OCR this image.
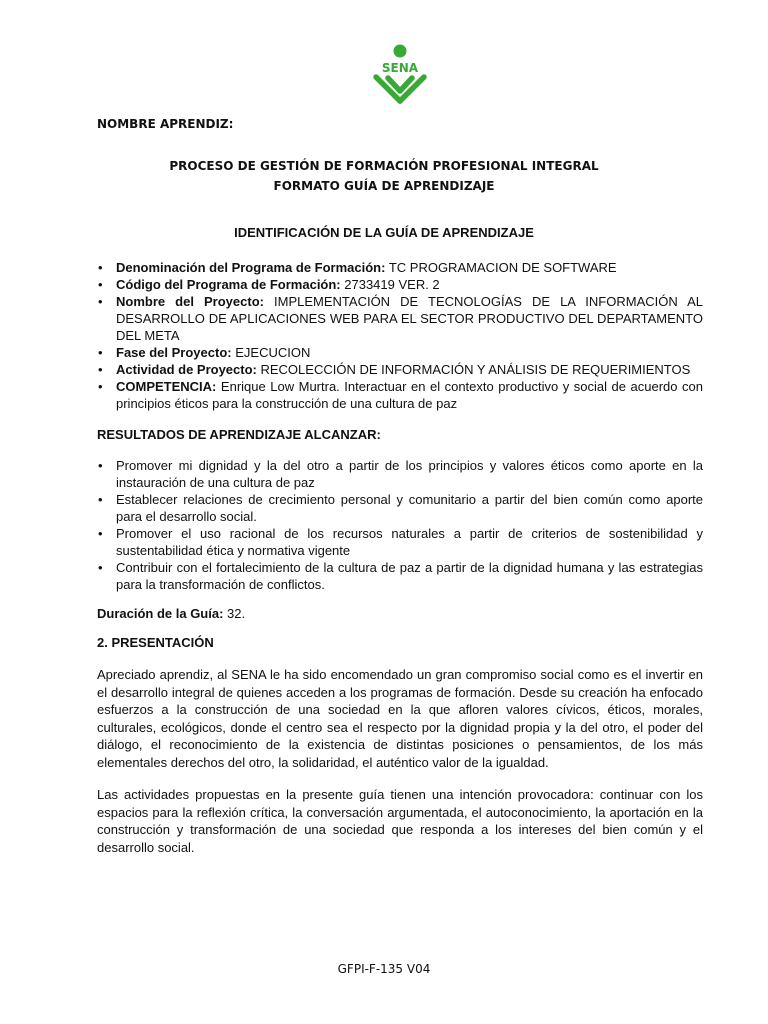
SENA
NOMBRE APRENDIZ:
PROCESO DE GESTIÓN DE FORMACIÓN PROFESIONAL INTEGRAL
FORMATO GUÍA DE APRENDIZAJE
IDENTIFICACIÓN DE LA GUÍA DE APRENDIZAJE
• Denominación del Programa de Formación: TC PROGRAMACION DE SOFTWARE
• Código del Programa de Formación: 2733419 VER. 2
• Nombre del Proyecto: IMPLEMENTACIÓN DE TECNOLOGÍAS DE LA INFORMACIÓN AL DESARROLLO DE APLICACIONES WEB PARA EL SECTOR PRODUCTIVO DEL DEPARTAMENTO DEL META
• Fase del Proyecto: EJECUCION
• Actividad de Proyecto: RECOLECCIÓN DE INFORMACIÓN Y ANÁLISIS DE REQUERIMIENTOS
• COMPETENCIA: Enrique Low Murtra. Interactuar en el contexto productivo y social de acuerdo con principios éticos para la construcción de una cultura de paz
RESULTADOS DE APRENDIZAJE ALCANZAR:
• Promover mi dignidad y la del otro a partir de los principios y valores éticos como aporte en la instauración de una cultura de paz
• Establecer relaciones de crecimiento personal y comunitario a partir del bien común como aporte para el desarrollo social.
• Promover el uso racional de los recursos naturales a partir de criterios de sostenibilidad y sustentabilidad ética y normativa vigente
• Contribuir con el fortalecimiento de la cultura de paz a partir de la dignidad humana y las estrategias para la transformación de conflictos.
Duración de la Guía: 32.
2. PRESENTACIÓN

Apreciado aprendiz, al SENA le ha sido encomendado un gran compromiso social como es el invertir en el desarrollo integral de quienes acceden a los programas de formación. Desde su creación ha enfocado esfuerzos a la construcción de una sociedad en la que afloren valores cívicos, éticos, morales, culturales, ecológicos, donde el centro sea el respecto por la dignidad propia y la del otro, el poder del diálogo, el reconocimiento de la existencia de distintas posiciones o pensamientos, de los más elementales derechos del otro, la solidaridad, el auténtico valor de la igualdad.

Las actividades propuestas en la presente guía tienen una intención provocadora: continuar con los espacios para la reflexión crítica, la conversación argumentada, el autoconocimiento, la aportación en la construcción y transformación de una sociedad que responda a los intereses del bien común y el desarrollo social.

GFPI-F-135 V04
